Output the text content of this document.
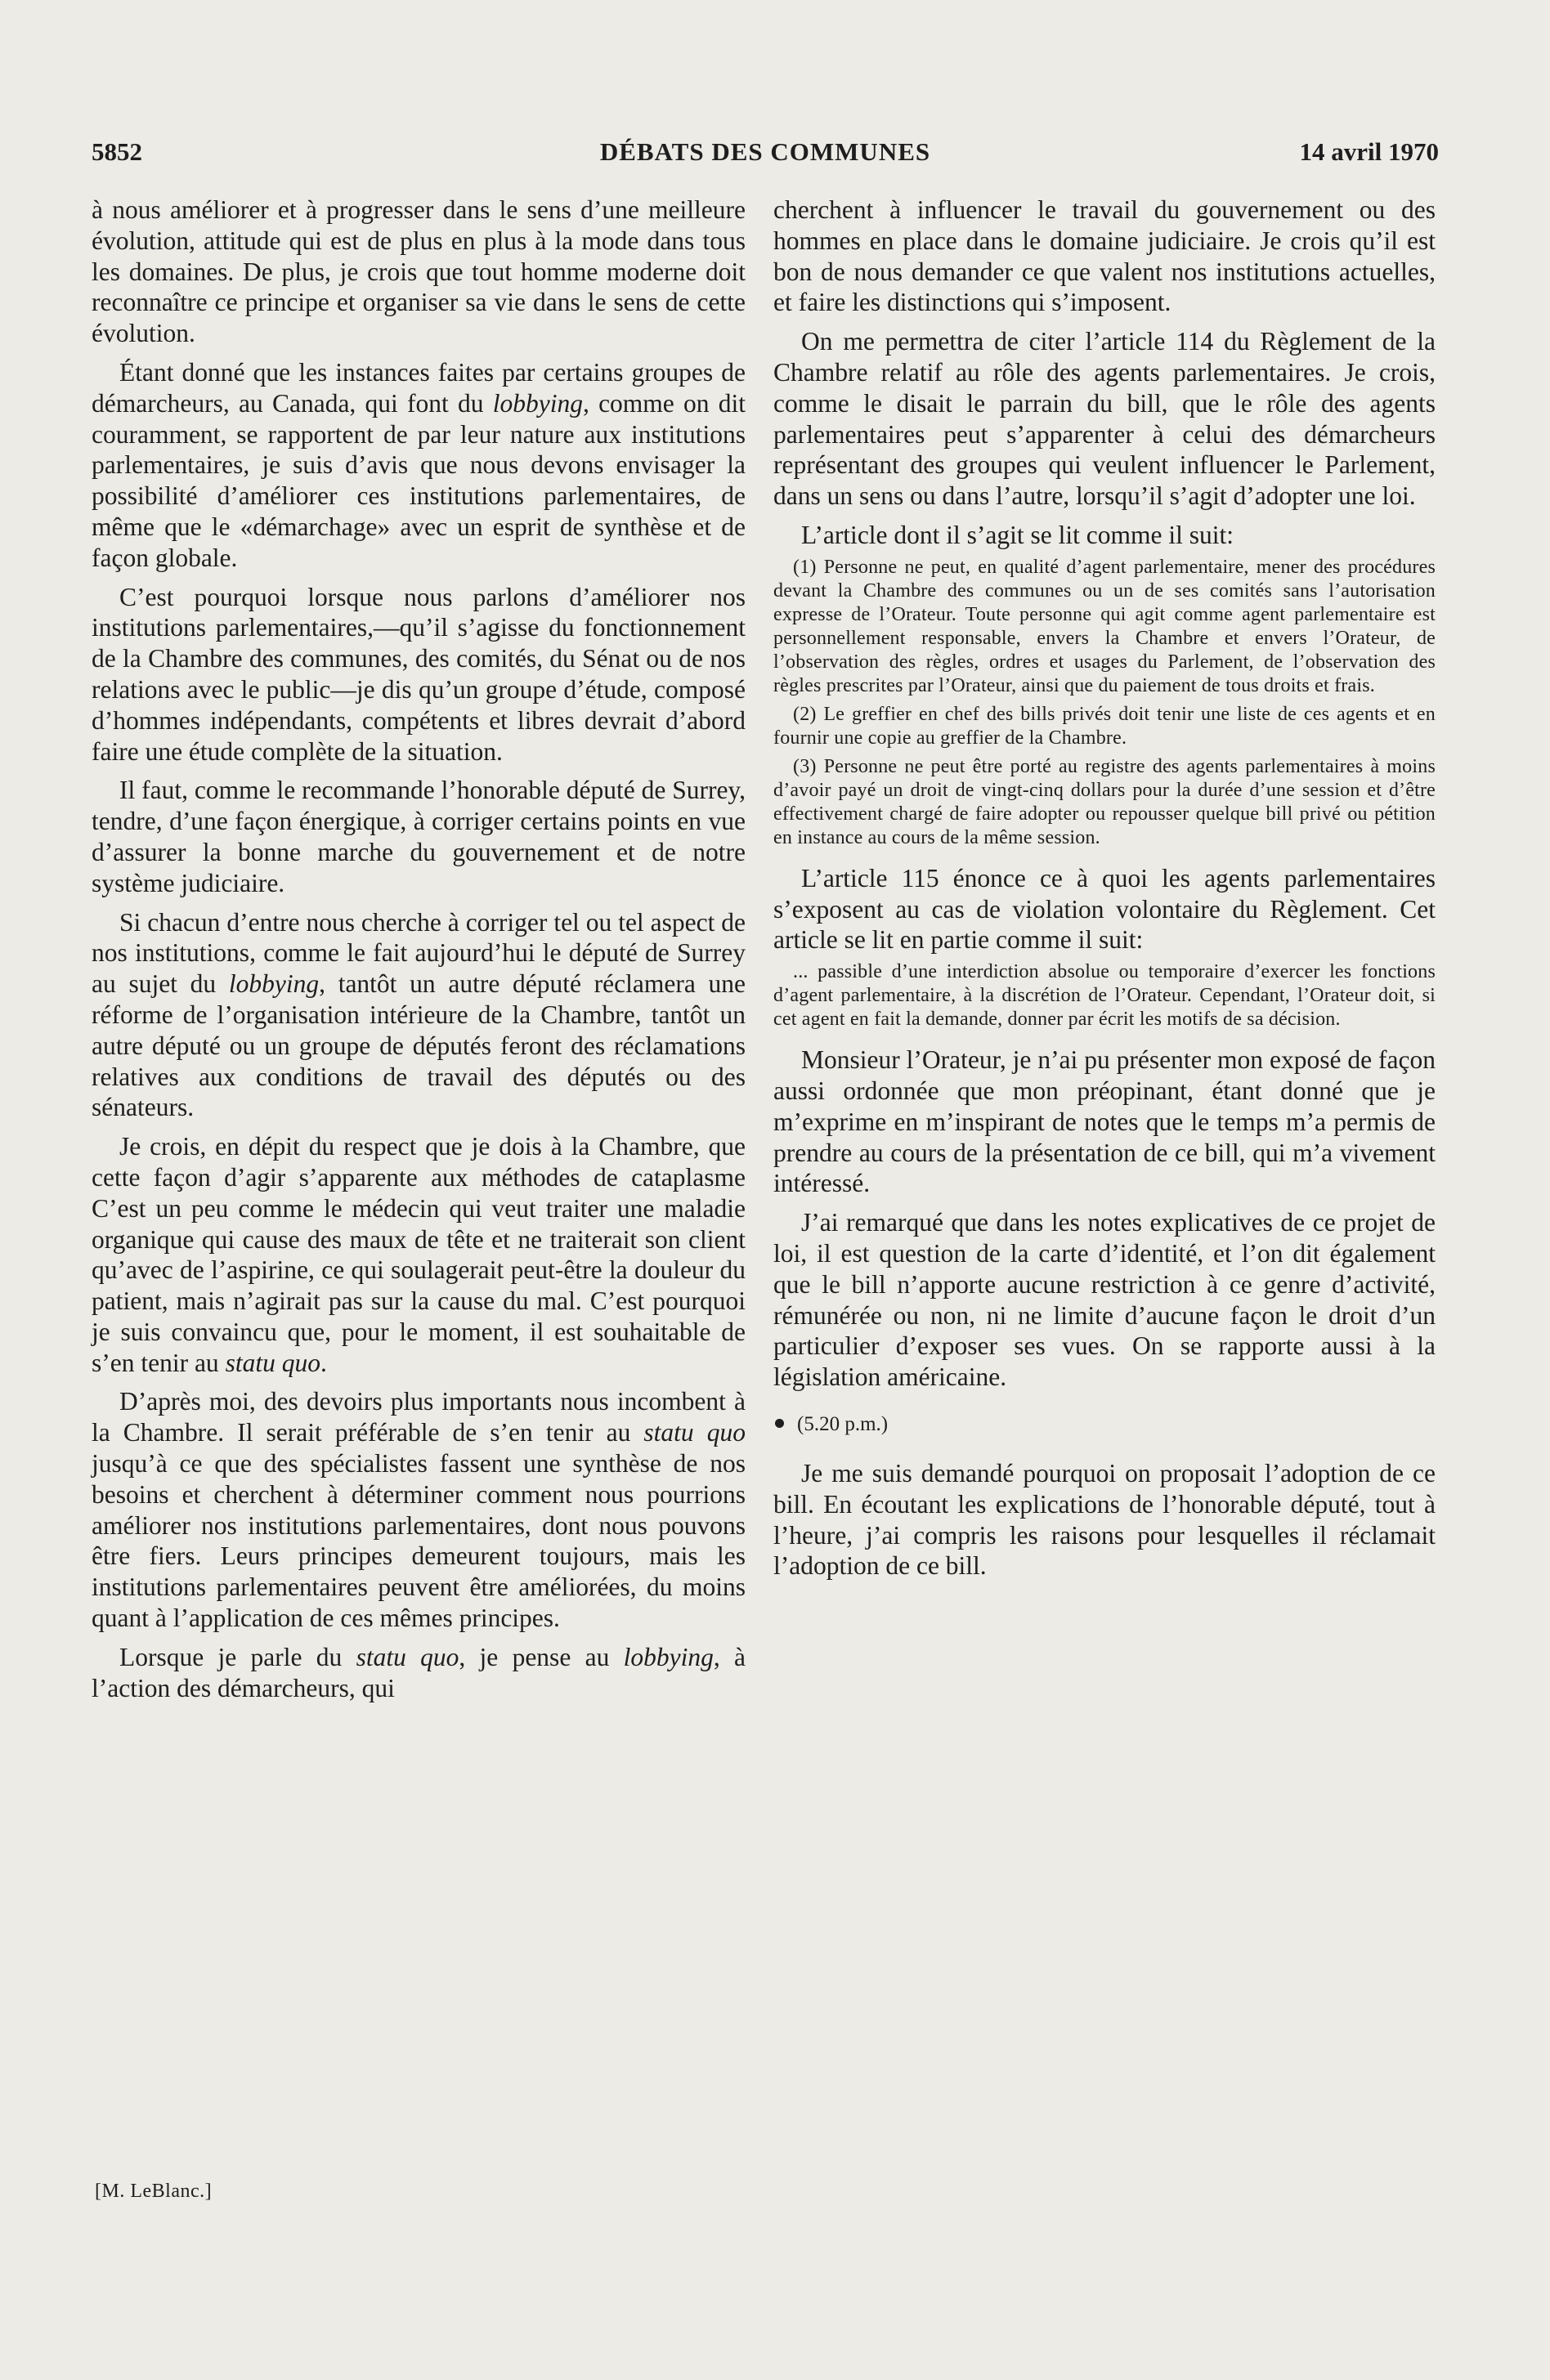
5852	DÉBATS DES COMMUNES	14 avril 1970

à nous améliorer et à progresser dans le sens d’une meilleure évolution, attitude qui est de plus en plus à la mode dans tous les domaines. De plus, je crois que tout homme moderne doit reconnaître ce principe et organiser sa vie dans le sens de cette évolution.

Étant donné que les instances faites par certains groupes de démarcheurs, au Canada, qui font du lobbying, comme on dit couramment, se rapportent de par leur nature aux institutions parlementaires, je suis d’avis que nous devons envisager la possibilité d’améliorer ces institutions parlementaires, de même que le «démarchage» avec un esprit de synthèse et de façon globale.

C’est pourquoi lorsque nous parlons d’améliorer nos institutions parlementaires,—qu’il s’agisse du fonctionnement de la Chambre des communes, des comités, du Sénat ou de nos relations avec le public—je dis qu’un groupe d’étude, composé d’hommes indépendants, compétents et libres devrait d’abord faire une étude complète de la situation.

Il faut, comme le recommande l’honorable député de Surrey, tendre, d’une façon énergique, à corriger certains points en vue d’assurer la bonne marche du gouvernement et de notre système judiciaire.

Si chacun d’entre nous cherche à corriger tel ou tel aspect de nos institutions, comme le fait aujourd’hui le député de Surrey au sujet du lobbying, tantôt un autre député réclamera une réforme de l’organisation intérieure de la Chambre, tantôt un autre député ou un groupe de députés feront des réclamations relatives aux conditions de travail des députés ou des sénateurs.

Je crois, en dépit du respect que je dois à la Chambre, que cette façon d’agir s’apparente aux méthodes de cataplasme C’est un peu comme le médecin qui veut traiter une maladie organique qui cause des maux de tête et ne traiterait son client qu’avec de l’aspirine, ce qui soulagerait peut-être la douleur du patient, mais n’agirait pas sur la cause du mal. C’est pourquoi je suis convaincu que, pour le moment, il est souhaitable de s’en tenir au statu quo.

D’après moi, des devoirs plus importants nous incombent à la Chambre. Il serait préférable de s’en tenir au statu quo jusqu’à ce que des spécialistes fassent une synthèse de nos besoins et cherchent à déterminer comment nous pourrions améliorer nos institutions parlementaires, dont nous pouvons être fiers. Leurs principes demeurent toujours, mais les institutions parlementaires peuvent être améliorées, du moins quant à l’application de ces mêmes principes.

Lorsque je parle du statu quo, je pense au lobbying, à l’action des démarcheurs, qui

[M. LeBlanc.]

cherchent à influencer le travail du gouvernement ou des hommes en place dans le domaine judiciaire. Je crois qu’il est bon de nous demander ce que valent nos institutions actuelles, et faire les distinctions qui s’imposent.

On me permettra de citer l’article 114 du Règlement de la Chambre relatif au rôle des agents parlementaires. Je crois, comme le disait le parrain du bill, que le rôle des agents parlementaires peut s’apparenter à celui des démarcheurs représentant des groupes qui veulent influencer le Parlement, dans un sens ou dans l’autre, lorsqu’il s’agit d’adopter une loi.

L’article dont il s’agit se lit comme il suit:

(1) Personne ne peut, en qualité d’agent parlementaire, mener des procédures devant la Chambre des communes ou un de ses comités sans l’autorisation expresse de l’Orateur. Toute personne qui agit comme agent parlementaire est personnellement responsable, envers la Chambre et envers l’Orateur, de l’observation des règles, ordres et usages du Parlement, de l’observation des règles prescrites par l’Orateur, ainsi que du paiement de tous droits et frais.
(2) Le greffier en chef des bills privés doit tenir une liste de ces agents et en fournir une copie au greffier de la Chambre.
(3) Personne ne peut être porté au registre des agents parlementaires à moins d’avoir payé un droit de vingt-cinq dollars pour la durée d’une session et d’être effectivement chargé de faire adopter ou repousser quelque bill privé ou pétition en instance au cours de la même session.

L’article 115 énonce ce à quoi les agents parlementaires s’exposent au cas de violation volontaire du Règlement. Cet article se lit en partie comme il suit:

... passible d’une interdiction absolue ou temporaire d’exercer les fonctions d’agent parlementaire, à la discrétion de l’Orateur. Cependant, l’Orateur doit, si cet agent en fait la demande, donner par écrit les motifs de sa décision.

Monsieur l’Orateur, je n’ai pu présenter mon exposé de façon aussi ordonnée que mon préopinant, étant donné que je m’exprime en m’inspirant de notes que le temps m’a permis de prendre au cours de la présentation de ce bill, qui m’a vivement intéressé.

J’ai remarqué que dans les notes explicatives de ce projet de loi, il est question de la carte d’identité, et l’on dit également que le bill n’apporte aucune restriction à ce genre d’activité, rémunérée ou non, ni ne limite d’aucune façon le droit d’un particulier d’exposer ses vues. On se rapporte aussi à la législation américaine.

(5.20 p.m.)

Je me suis demandé pourquoi on proposait l’adoption de ce bill. En écoutant les explications de l’honorable député, tout à l’heure, j’ai compris les raisons pour lesquelles il réclamait l’adoption de ce bill.
